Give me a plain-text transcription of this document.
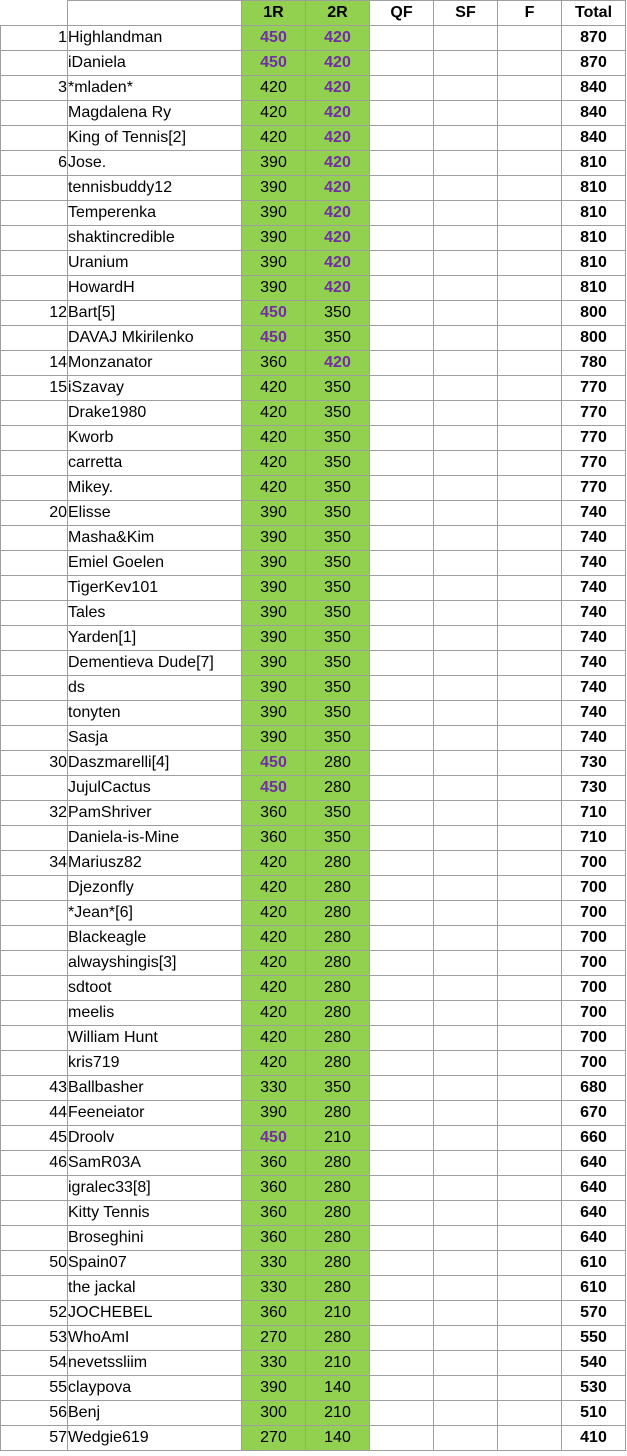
		1R	2R	QF	SF	F	Total
1	Highlandman	450	420				870
	iDaniela	450	420				870
3	*mladen*	420	420				840
	Magdalena Ry	420	420				840
	King of Tennis[2]	420	420				840
6	Jose.	390	420				810
	tennisbuddy12	390	420				810
	Temperenka	390	420				810
	shaktincredible	390	420				810
	Uranium	390	420				810
	HowardH	390	420				810
12	Bart[5]	450	350				800
	DAVAJ Mkirilenko	450	350				800
14	Monzanator	360	420				780
15	iSzavay	420	350				770
	Drake1980	420	350				770
	Kworb	420	350				770
	carretta	420	350				770
	Mikey.	420	350				770
20	Elisse	390	350				740
	Masha&Kim	390	350				740
	Emiel Goelen	390	350				740
	TigerKev101	390	350				740
	Tales	390	350				740
	Yarden[1]	390	350				740
	Dementieva Dude[7]	390	350				740
	ds	390	350				740
	tonyten	390	350				740
	Sasja	390	350				740
30	Daszmarelli[4]	450	280				730
	JujulCactus	450	280				730
32	PamShriver	360	350				710
	Daniela-is-Mine	360	350				710
34	Mariusz82	420	280				700
	Djezonfly	420	280				700
	*Jean*[6]	420	280				700
	Blackeagle	420	280				700
	alwayshingis[3]	420	280				700
	sdtoot	420	280				700
	meelis	420	280				700
	William Hunt	420	280				700
	kris719	420	280				700
43	Ballbasher	330	350				680
44	Feeneiator	390	280				670
45	Droolv	450	210				660
46	SamR03A	360	280				640
	igralec33[8]	360	280				640
	Kitty Tennis	360	280				640
	Broseghini	360	280				640
50	Spain07	330	280				610
	the jackal	330	280				610
52	JOCHEBEL	360	210				570
53	WhoAmI	270	280				550
54	nevetssliim	330	210				540
55	claypova	390	140				530
56	Benj	300	210				510
57	Wedgie619	270	140				410
